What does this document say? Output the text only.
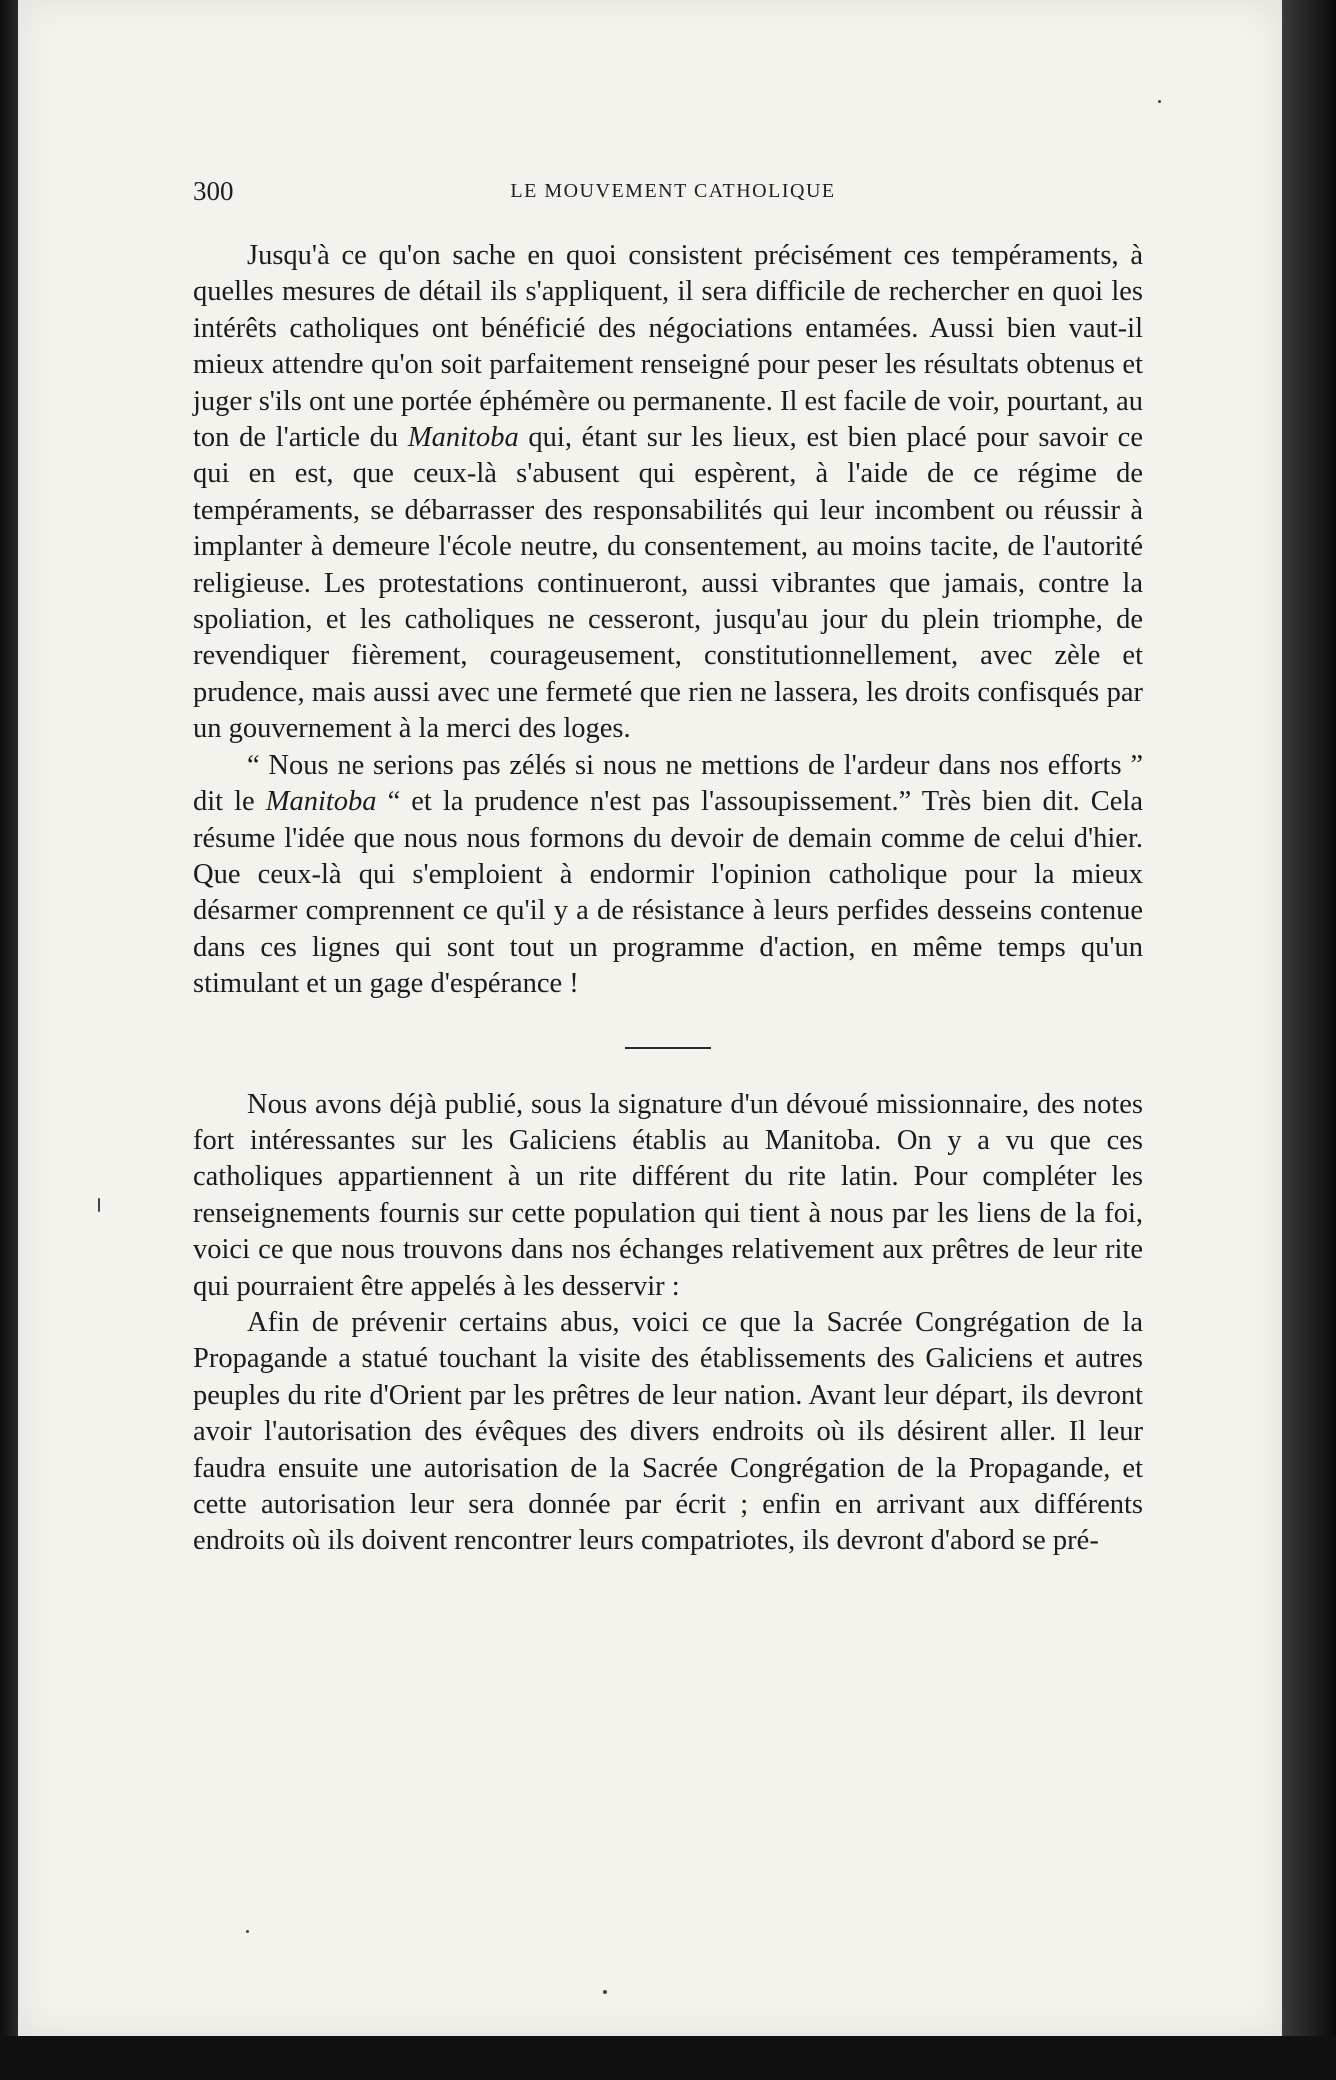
300	LE MOUVEMENT CATHOLIQUE

Jusqu'à ce qu'on sache en quoi consistent précisément ces tempéraments, à quelles mesures de détail ils s'appliquent, il sera difficile de rechercher en quoi les intérêts catholiques ont bénéficié des négociations entamées. Aussi bien vaut-il mieux attendre qu'on soit parfaitement renseigné pour peser les résultats obtenus et juger s'ils ont une portée éphémère ou permanente. Il est facile de voir, pourtant, au ton de l'article du Manitoba qui, étant sur les lieux, est bien placé pour savoir ce qui en est, que ceux-là s'abusent qui espèrent, à l'aide de ce régime de tempéraments, se débarrasser des responsabilités qui leur incombent ou réussir à implanter à demeure l'école neutre, du consentement, au moins tacite, de l'autorité religieuse. Les protestations continueront, aussi vibrantes que jamais, contre la spoliation, et les catholiques ne cesseront, jusqu'au jour du plein triomphe, de revendiquer fièrement, courageusement, constitutionnellement, avec zèle et prudence, mais aussi avec une fermeté que rien ne lassera, les droits confisqués par un gouvernement à la merci des loges.

“ Nous ne serions pas zélés si nous ne mettions de l'ardeur dans nos efforts ” dit le Manitoba “ et la prudence n'est pas l'assoupissement.” Très bien dit. Cela résume l'idée que nous nous formons du devoir de demain comme de celui d'hier. Que ceux-là qui s'emploient à endormir l'opinion catholique pour la mieux désarmer comprennent ce qu'il y a de résistance à leurs perfides desseins contenue dans ces lignes qui sont tout un programme d'action, en même temps qu'un stimulant et un gage d'espérance !

Nous avons déjà publié, sous la signature d'un dévoué missionnaire, des notes fort intéressantes sur les Galiciens établis au Manitoba. On y a vu que ces catholiques appartiennent à un rite différent du rite latin. Pour compléter les renseignements fournis sur cette population qui tient à nous par les liens de la foi, voici ce que nous trouvons dans nos échanges relativement aux prêtres de leur rite qui pourraient être appelés à les desservir :

Afin de prévenir certains abus, voici ce que la Sacrée Congrégation de la Propagande a statué touchant la visite des établissements des Galiciens et autres peuples du rite d'Orient par les prêtres de leur nation. Avant leur départ, ils devront avoir l'autorisation des évêques des divers endroits où ils désirent aller. Il leur faudra ensuite une autorisation de la Sacrée Congrégation de la Propagande, et cette autorisation leur sera donnée par écrit ; enfin en arrivant aux différents endroits où ils doivent rencontrer leurs compatriotes, ils devront d'abord se pré-
